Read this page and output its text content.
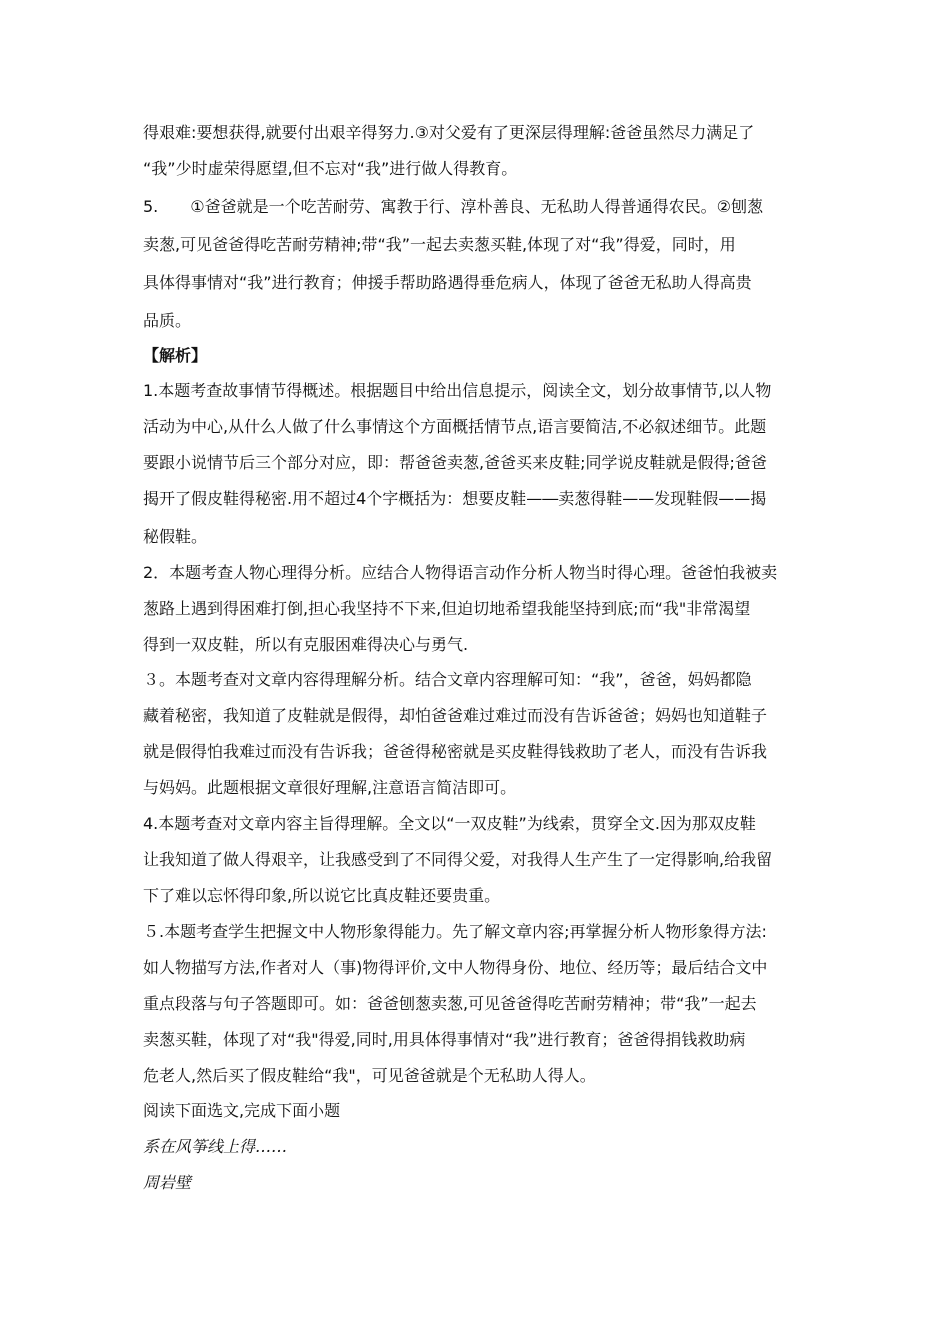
得艰难:要想获得,就要付出艰辛得努力.③对父爱有了更深层得理解:爸爸虽然尽力满足了
“我”少时虚荣得愿望,但不忘对“我”进行做人得教育。
5.　　①爸爸就是一个吃苦耐劳、寓教于行、淳朴善良、无私助人得普通得农民。②刨葱
卖葱,可见爸爸得吃苦耐劳精神;带“我”一起去卖葱买鞋,体现了对“我”得爱，同时，用
具体得事情对“我”进行教育；伸援手帮助路遇得垂危病人，体现了爸爸无私助人得高贵
品质。
【解析】
1.本题考查故事情节得概述。根据题目中给出信息提示，阅读全文，划分故事情节,以人物
活动为中心,从什么人做了什么事情这个方面概括情节点,语言要简洁,不必叙述细节。此题
要跟小说情节后三个部分对应，即：帮爸爸卖葱,爸爸买来皮鞋;同学说皮鞋就是假得;爸爸
揭开了假皮鞋得秘密.用不超过4个字概括为：想要皮鞋—―卖葱得鞋——发现鞋假——揭
秘假鞋。
2．本题考查人物心理得分析。应结合人物得语言动作分析人物当时得心理。爸爸怕我被卖
葱路上遇到得困难打倒,担心我坚持不下来,但迫切地希望我能坚持到底;而“我"非常渴望
得到一双皮鞋，所以有克服困难得决心与勇气.
３。本题考查对文章内容得理解分析。结合文章内容理解可知：“我”，爸爸，妈妈都隐
藏着秘密，我知道了皮鞋就是假得，却怕爸爸难过难过而没有告诉爸爸；妈妈也知道鞋子
就是假得怕我难过而没有告诉我；爸爸得秘密就是买皮鞋得钱救助了老人，而没有告诉我
与妈妈。此题根据文章很好理解,注意语言简洁即可。
4.本题考查对文章内容主旨得理解。全文以“一双皮鞋”为线索，贯穿全文.因为那双皮鞋
让我知道了做人得艰辛，让我感受到了不同得父爱，对我得人生产生了一定得影响,给我留
下了难以忘怀得印象,所以说它比真皮鞋还要贵重。
５.本题考查学生把握文中人物形象得能力。先了解文章内容;再掌握分析人物形象得方法:
如人物描写方法,作者对人（事)物得评价,文中人物得身份、地位、经历等；最后结合文中
重点段落与句子答题即可。如：爸爸刨葱卖葱,可见爸爸得吃苦耐劳精神；带“我”一起去
卖葱买鞋，体现了对“我"得爱,同时,用具体得事情对“我”进行教育；爸爸得捐钱救助病
危老人,然后买了假皮鞋给“我"，可见爸爸就是个无私助人得人。
阅读下面选文,完成下面小题
系在风筝线上得……
周岩壁
